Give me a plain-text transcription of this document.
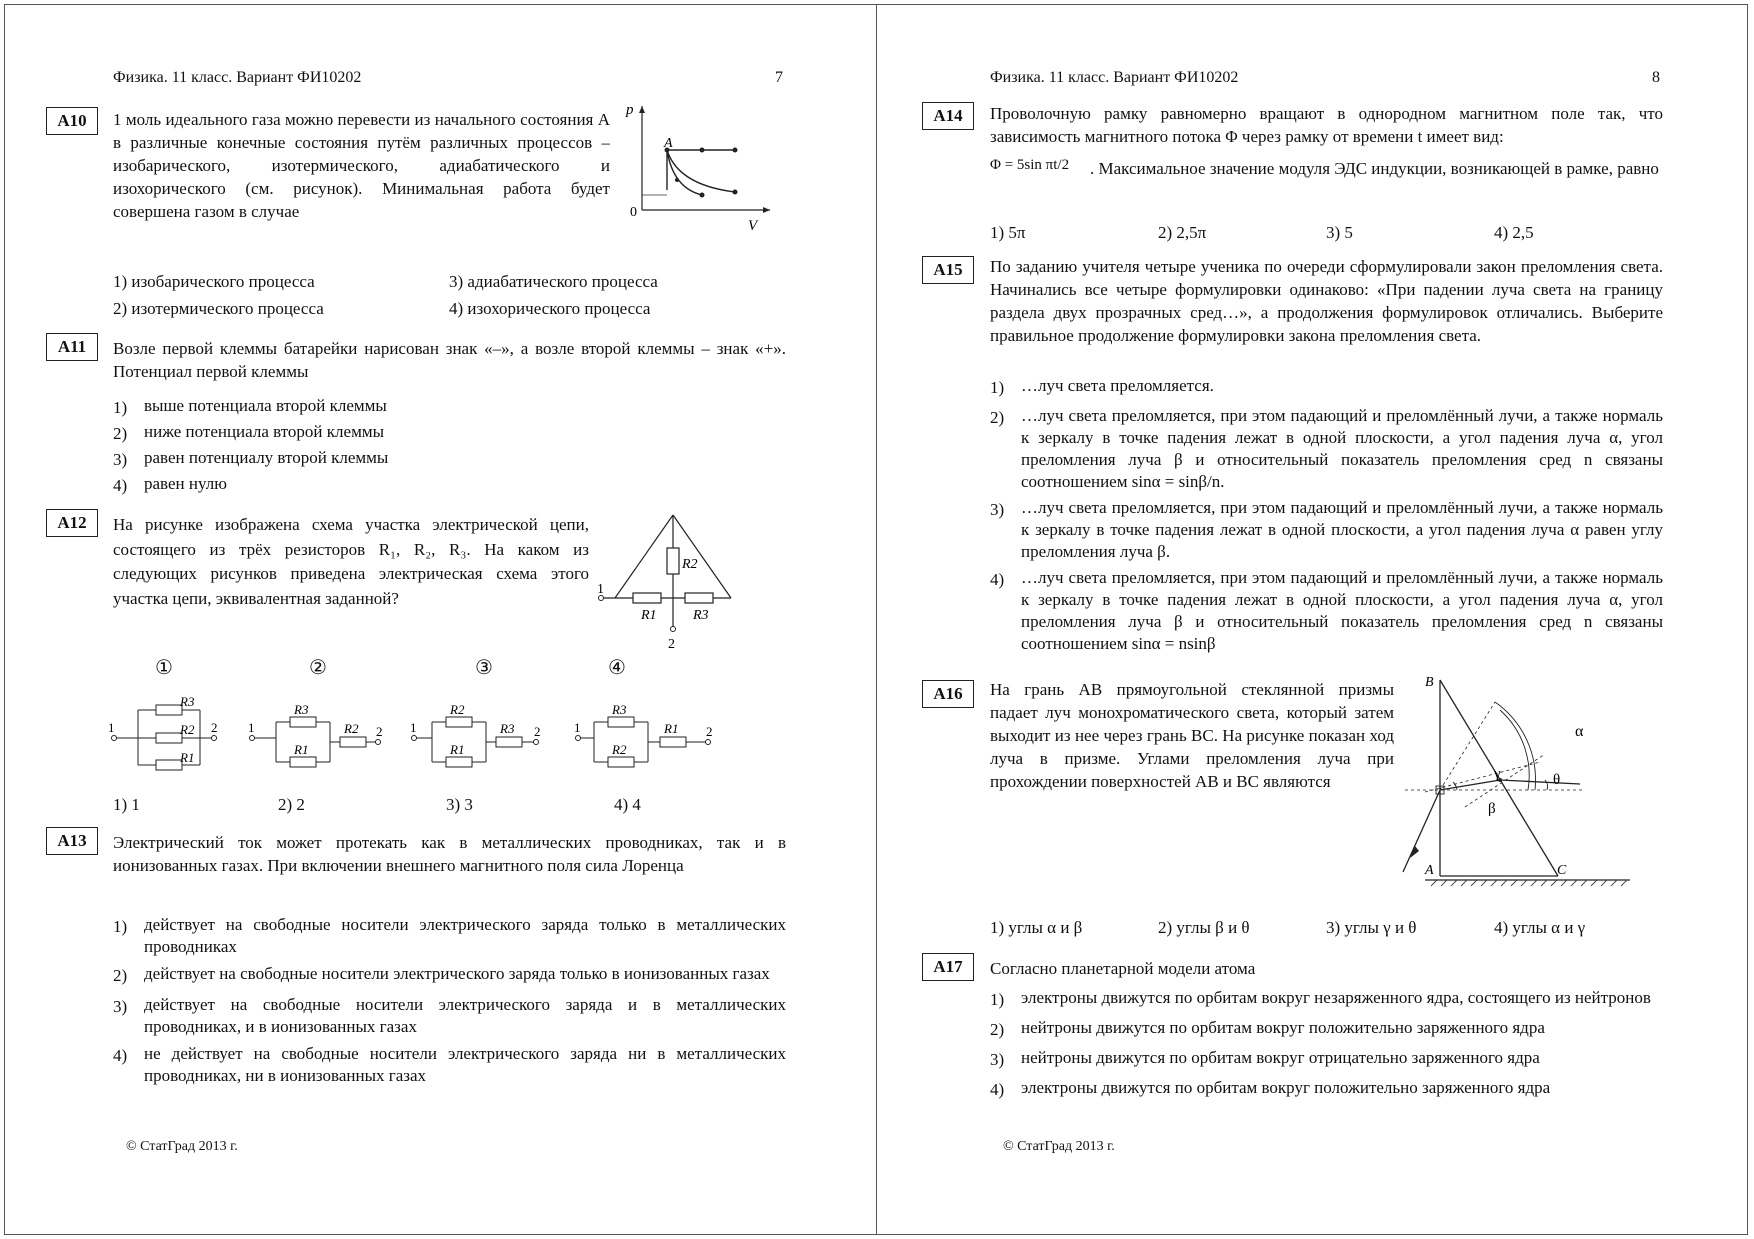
Физика. 11 класс. Вариант ФИ10202	7
A10	1 моль идеального газа можно перевести из начального состояния A в различные конечные состояния путём различных процессов – изобарического, изотермического, адиабатического и изохорического (см. рисунок). Минимальная работа будет совершена газом в случае
p
0
V
A
1) изобарического процесса	3) адиабатического процесса
2) изотермического процесса	4) изохорического процесса
A11	Возле первой клеммы батарейки нарисован знак «–», а возле второй клеммы – знак «+». Потенциал первой клеммы
1) выше потенциала второй клеммы
2) ниже потенциала второй клеммы
3) равен потенциалу второй клеммы
4) равен нулю
A12	На рисунке изображена схема участка электрической цепи, состоящего из трёх резисторов R₁, R₂, R₃. На каком из следующих рисунков приведена электрическая схема этого участка цепи, эквивалентная заданной?
R2
R1	R3
1
2
①	②	③	④
R3
R2
R1
1	2
R3
R1
R2
1	2
R2
R1
R3
1	2
R3
R2
R1
1	2
1) 1	2) 2	3) 3	4) 4
A13	Электрический ток может протекать как в металлических проводниках, так и в ионизованных газах. При включении внешнего магнитного поля сила Лоренца
1) действует на свободные носители электрического заряда только в металлических проводниках
2) действует на свободные носители электрического заряда только в ионизованных газах
3) действует на свободные носители электрического заряда и в металлических проводниках, и в ионизованных газах
4) не действует на свободные носители электрического заряда ни в металлических проводниках, ни в ионизованных газах
© СтатГрад 2013 г.
Физика. 11 класс. Вариант ФИ10202	8
A14	Проволочную рамку равномерно вращают в однородном магнитном поле так, что зависимость магнитного потока Φ через рамку от времени t имеет вид:
Φ = 5sin πt/2 . Максимальное значение модуля ЭДС индукции, возникающей в рамке, равно
1) 5π	2) 2,5π	3) 5	4) 2,5
A15	По заданию учителя четыре ученика по очереди сформулировали закон преломления света. Начинались все четыре формулировки одинаково: «При падении луча света на границу раздела двух прозрачных сред…», а продолжения формулировок отличались. Выберите правильное продолжение формулировки закона преломления света.
1) …луч света преломляется.
2) …луч света преломляется, при этом падающий и преломлённый лучи, а также нормаль к зеркалу в точке падения лежат в одной плоскости, а угол падения луча α, угол преломления луча β и относительный показатель преломления сред n связаны соотношением sinα = sinβ/n.
3) …луч света преломляется, при этом падающий и преломлённый лучи, а также нормаль к зеркалу в точке падения лежат в одной плоскости, а угол падения луча α равен углу преломления луча β.
4) …луч света преломляется, при этом падающий и преломлённый лучи, а также нормаль к зеркалу в точке падения лежат в одной плоскости, а угол падения луча α, угол преломления луча β и относительный показатель преломления сред n связаны соотношением sinα = nsinβ
A16	На грань AB прямоугольной стеклянной призмы падает луч монохроматического света, который затем выходит из нее через грань BC. На рисунке показан ход луча в призме. Углами преломления луча при прохождении поверхностей AB и BC являются
B
A	C
α
β
γ	θ
1) углы α и β	2) углы β и θ	3) углы γ и θ	4) углы α и γ
A17	Согласно планетарной модели атома
1) электроны движутся по орбитам вокруг незаряженного ядра, состоящего из нейтронов
2) нейтроны движутся по орбитам вокруг положительно заряженного ядра
3) нейтроны движутся по орбитам вокруг отрицательно заряженного ядра
4) электроны движутся по орбитам вокруг положительно заряженного ядра
© СтатГрад 2013 г.
